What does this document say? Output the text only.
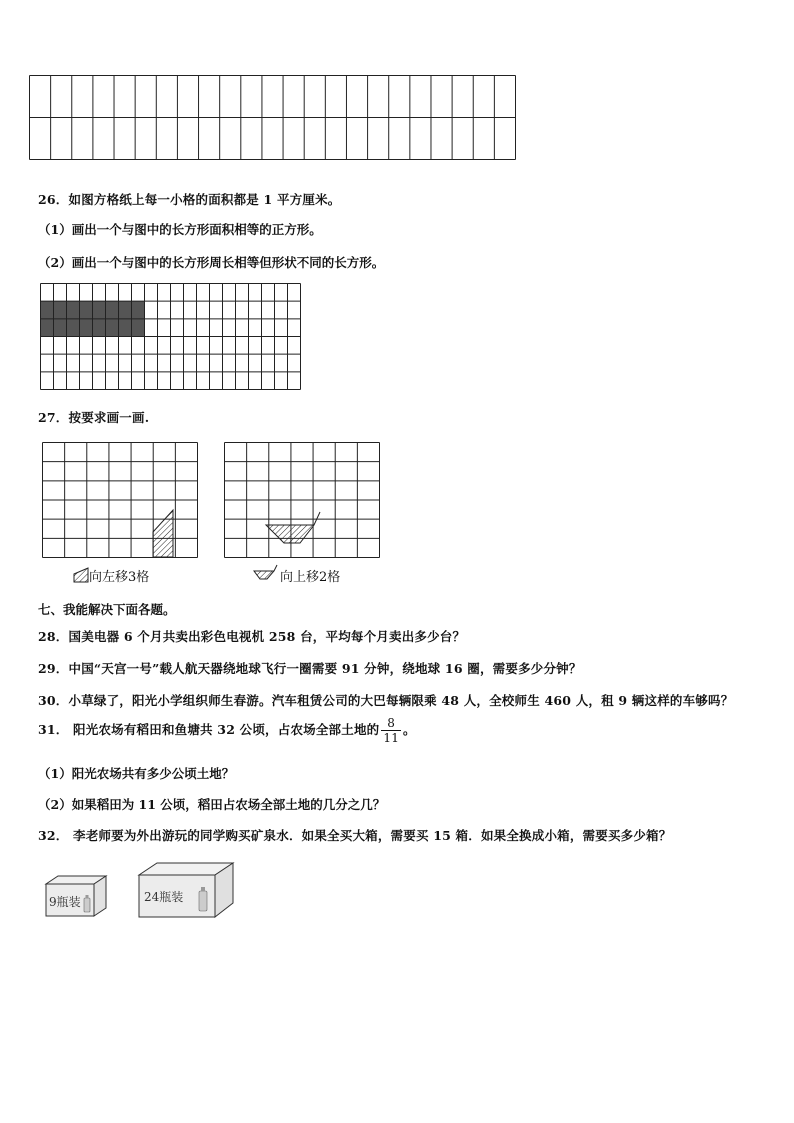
26．如图方格纸上每一小格的面积都是 1 平方厘米。
（1）画出一个与图中的长方形面积相等的正方形。
（2）画出一个与图中的长方形周长相等但形状不同的长方形。
27．按要求画一画.
向左移3格	向上移2格
七、我能解决下面各题。
28．国美电器 6 个月共卖出彩色电视机 258 台，平均每个月卖出多少台？
29．中国“天宫一号”载人航天器绕地球飞行一圈需要 91 分钟，绕地球 16 圈，需要多少分钟？
30．小草绿了，阳光小学组织师生春游。汽车租赁公司的大巴每辆限乘 48 人，全校师生 460 人，租 9 辆这样的车够吗？
31． 阳光农场有稻田和鱼塘共 32 公顷，占农场全部土地的 $\frac{8}{11}$ 。
（1）阳光农场共有多少公顷土地？
（2）如果稻田为 11 公顷，稻田占农场全部土地的几分之几？
32． 李老师要为外出游玩的同学购买矿泉水．如果全买大箱，需要买 15 箱．如果全换成小箱，需要买多少箱？
9瓶装	24瓶装
